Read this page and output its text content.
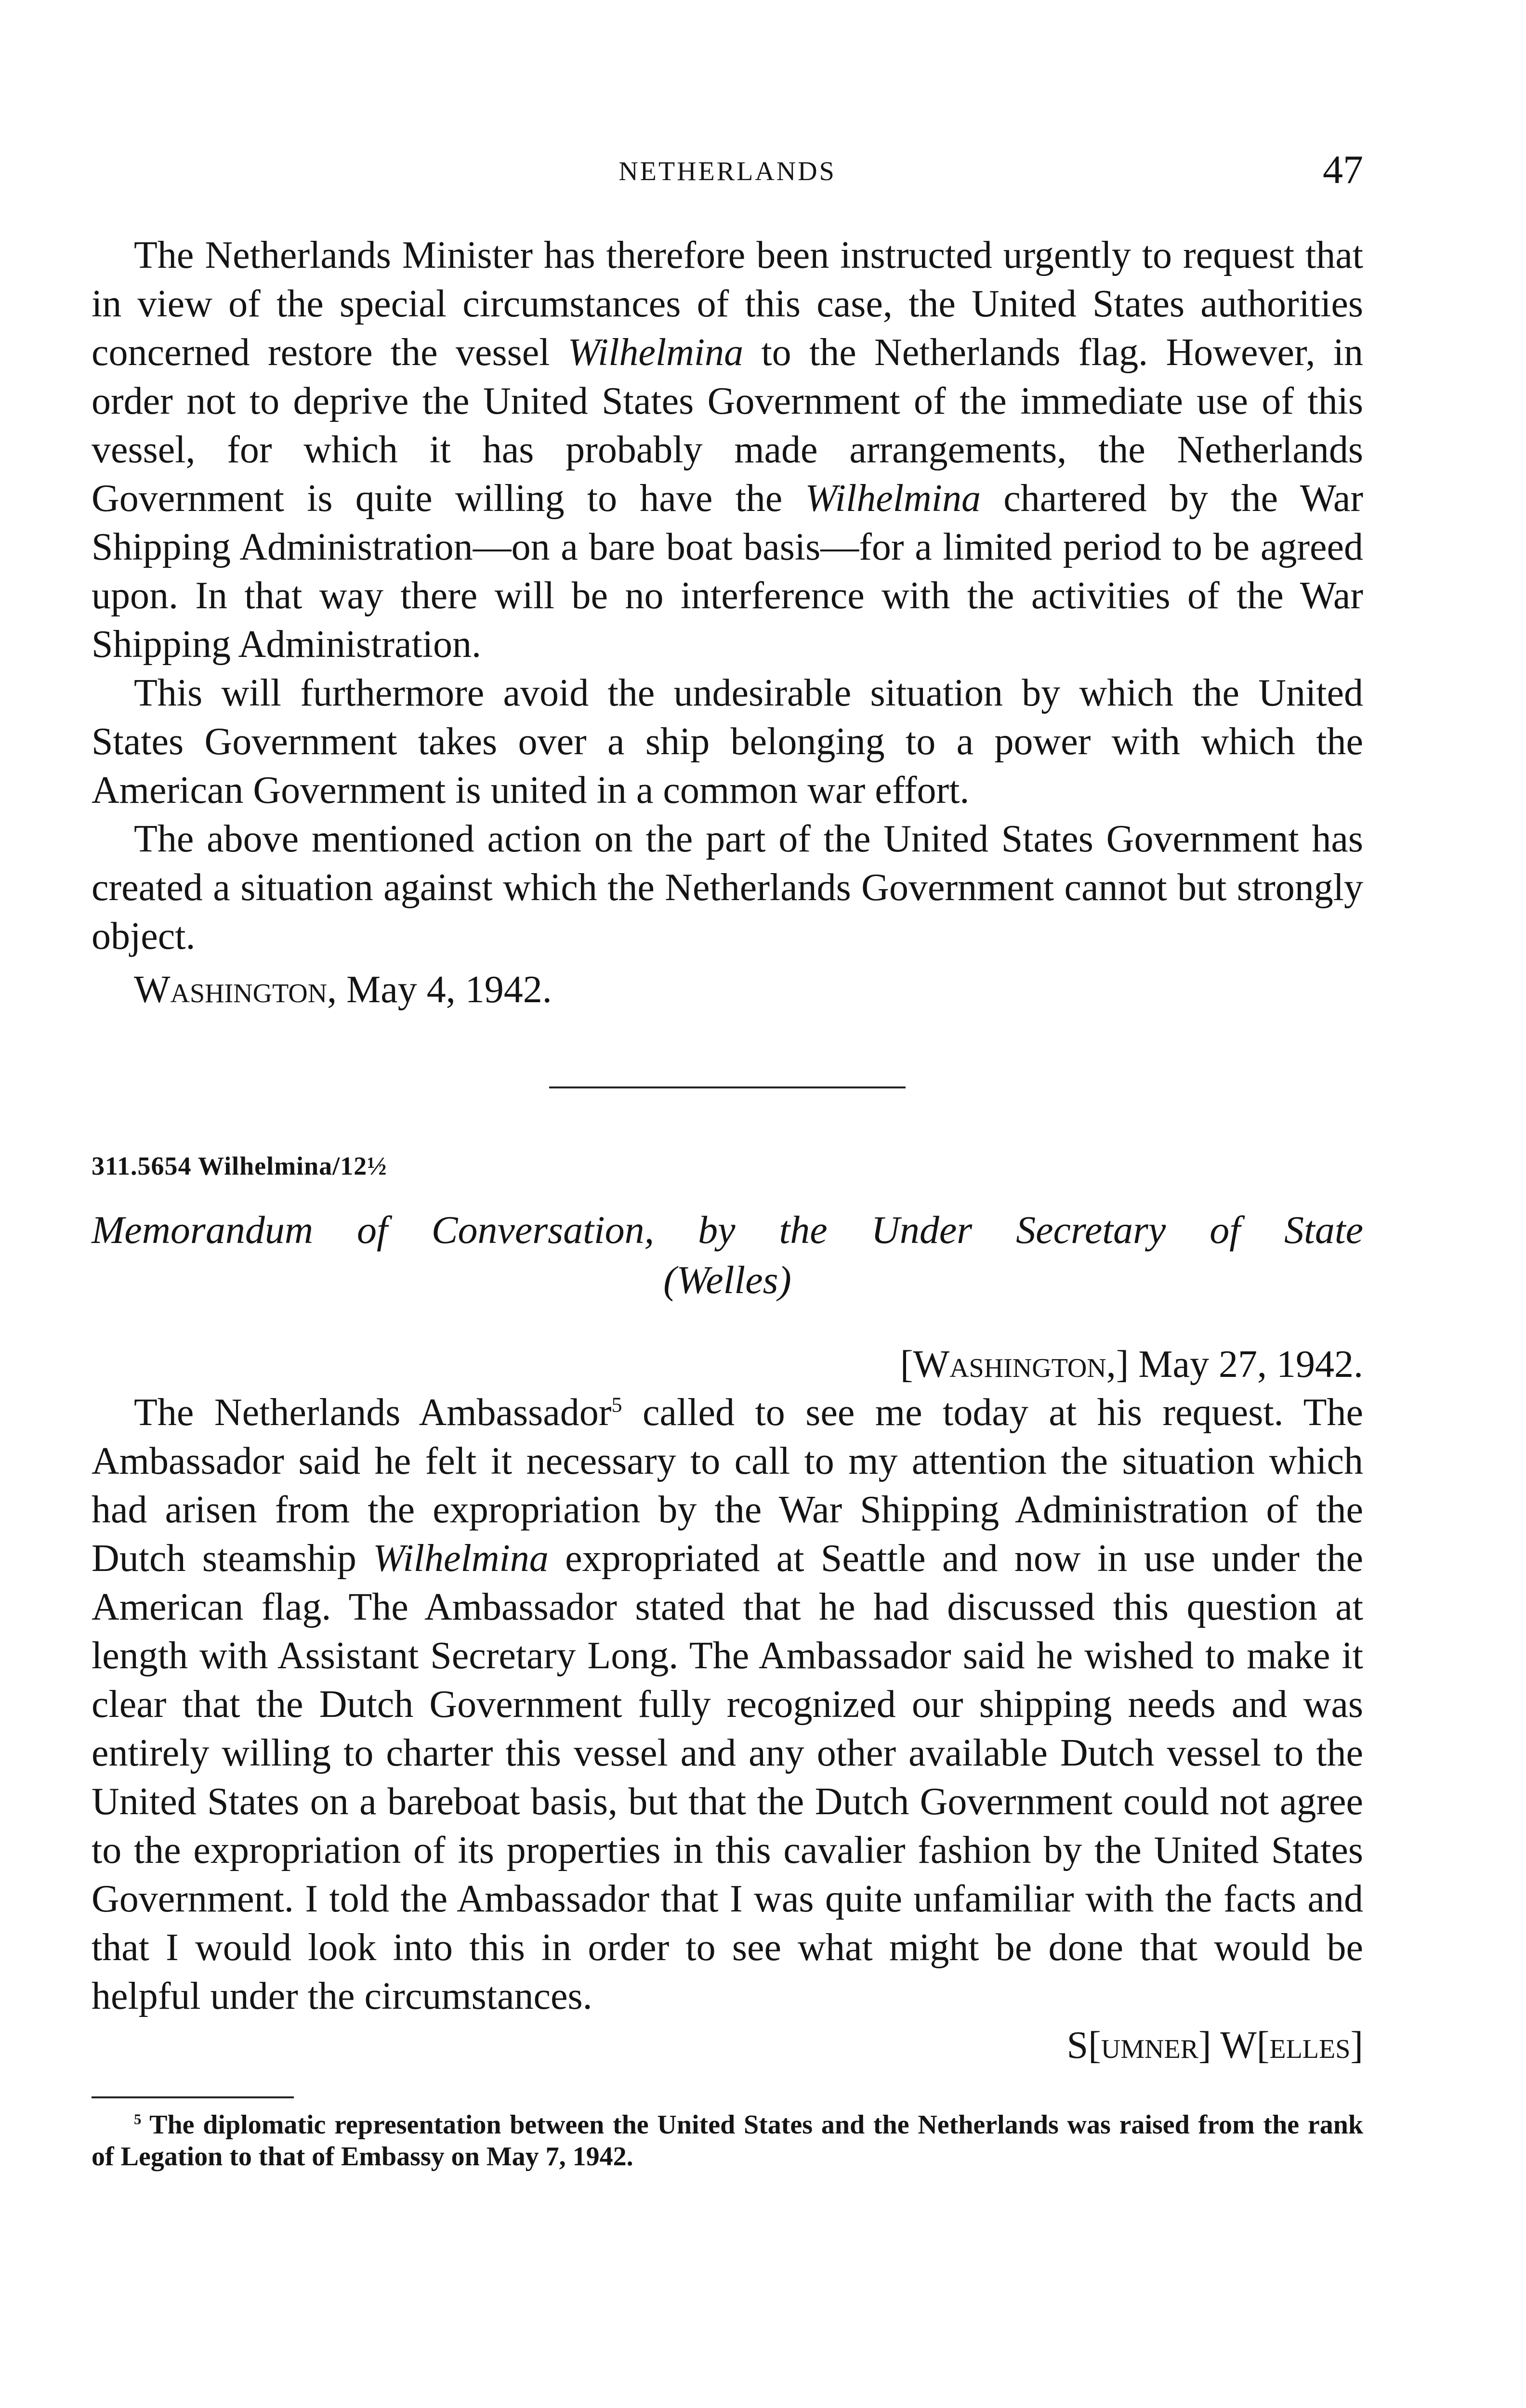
NETHERLANDS	47

The Netherlands Minister has therefore been instructed urgently to request that in view of the special circumstances of this case, the United States authorities concerned restore the vessel Wilhelmina to the Netherlands flag. However, in order not to deprive the United States Government of the immediate use of this vessel, for which it has probably made arrangements, the Netherlands Government is quite willing to have the Wilhelmina chartered by the War Shipping Administration—on a bare boat basis—for a limited period to be agreed upon. In that way there will be no interference with the activities of the War Shipping Administration.

This will furthermore avoid the undesirable situation by which the United States Government takes over a ship belonging to a power with which the American Government is united in a common war effort.

The above mentioned action on the part of the United States Government has created a situation against which the Netherlands Government cannot but strongly object.

Washington, May 4, 1942.

311.5654 Wilhelmina/12½
Memorandum of Conversation, by the Under Secretary of State
(Welles)
[Washington,] May 27, 1942.

The Netherlands Ambassador$^5$ called to see me today at his request. The Ambassador said he felt it necessary to call to my attention the situation which had arisen from the expropriation by the War Shipping Administration of the Dutch steamship Wilhelmina expropriated at Seattle and now in use under the American flag. The Ambassador stated that he had discussed this question at length with Assistant Secretary Long. The Ambassador said he wished to make it clear that the Dutch Government fully recognized our shipping needs and was entirely willing to charter this vessel and any other available Dutch vessel to the United States on a bareboat basis, but that the Dutch Government could not agree to the expropriation of its properties in this cavalier fashion by the United States Government. I told the Ambassador that I was quite unfamiliar with the facts and that I would look into this in order to see what might be done that would be helpful under the circumstances.

S[umner] W[elles]
$^5$ The diplomatic representation between the United States and the Netherlands was raised from the rank of Legation to that of Embassy on May 7, 1942.
